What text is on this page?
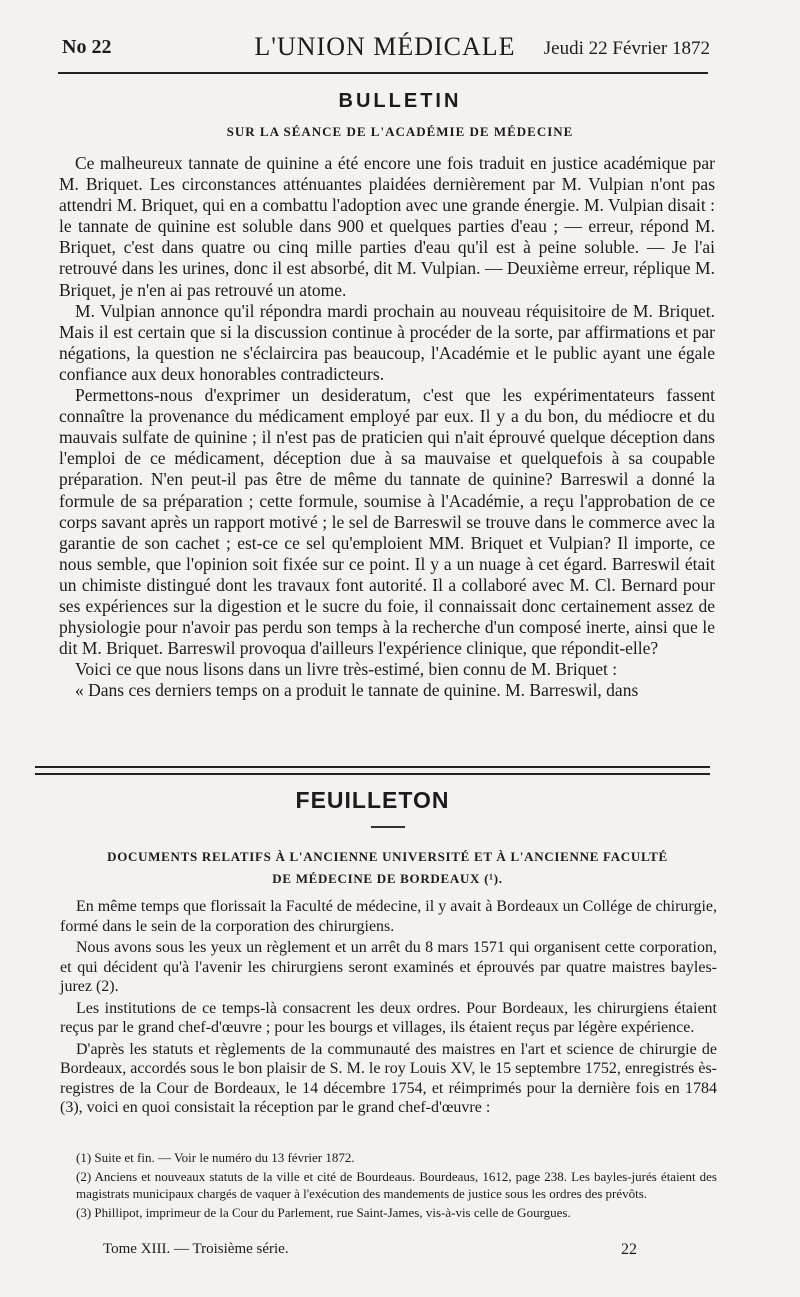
No 22	L'UNION MÉDICALE	Jeudi 22 Février 1872
BULLETIN
SUR LA SÉANCE DE L'ACADÉMIE DE MÉDECINE

Ce malheureux tannate de quinine a été encore une fois traduit en justice académique par M. Briquet. Les circonstances atténuantes plaidées dernièrement par M. Vulpian n'ont pas attendri M. Briquet, qui en a combattu l'adoption avec une grande énergie. M. Vulpian disait : le tannate de quinine est soluble dans 900 et quelques parties d'eau ; — erreur, répond M. Briquet, c'est dans quatre ou cinq mille parties d'eau qu'il est à peine soluble. — Je l'ai retrouvé dans les urines, donc il est absorbé, dit M. Vulpian. — Deuxième erreur, réplique M. Briquet, je n'en ai pas retrouvé un atome.

M. Vulpian annonce qu'il répondra mardi prochain au nouveau réquisitoire de M. Briquet. Mais il est certain que si la discussion continue à procéder de la sorte, par affirmations et par négations, la question ne s'éclaircira pas beaucoup, l'Académie et le public ayant une égale confiance aux deux honorables contradicteurs.

Permettons-nous d'exprimer un desideratum, c'est que les expérimentateurs fassent connaître la provenance du médicament employé par eux. Il y a du bon, du médiocre et du mauvais sulfate de quinine ; il n'est pas de praticien qui n'ait éprouvé quelque déception dans l'emploi de ce médicament, déception due à sa mauvaise et quelquefois à sa coupable préparation. N'en peut-il pas être de même du tannate de quinine? Barreswil a donné la formule de sa préparation ; cette formule, soumise à l'Académie, a reçu l'approbation de ce corps savant après un rapport motivé ; le sel de Barreswil se trouve dans le commerce avec la garantie de son cachet ; est-ce ce sel qu'emploient MM. Briquet et Vulpian? Il importe, ce nous semble, que l'opinion soit fixée sur ce point. Il y a un nuage à cet égard. Barreswil était un chimiste distingué dont les travaux font autorité. Il a collaboré avec M. Cl. Bernard pour ses expériences sur la digestion et le sucre du foie, il connaissait donc certainement assez de physiologie pour n'avoir pas perdu son temps à la recherche d'un composé inerte, ainsi que le dit M. Briquet. Barreswil provoqua d'ailleurs l'expérience clinique, que répondit-elle?

Voici ce que nous lisons dans un livre très-estimé, bien connu de M. Briquet :

« Dans ces derniers temps on a produit le tannate de quinine. M. Barreswil, dans

FEUILLETON
DOCUMENTS RELATIFS À L'ANCIENNE UNIVERSITÉ ET À L'ANCIENNE FACULTÉ
DE MÉDECINE DE BORDEAUX (¹).

En même temps que florissait la Faculté de médecine, il y avait à Bordeaux un Collége de chirurgie, formé dans le sein de la corporation des chirurgiens.

Nous avons sous les yeux un règlement et un arrêt du 8 mars 1571 qui organisent cette corporation, et qui décident qu'à l'avenir les chirurgiens seront examinés et éprouvés par quatre maistres bayles-jurez (2).

Les institutions de ce temps-là consacrent les deux ordres. Pour Bordeaux, les chirurgiens étaient reçus par le grand chef-d'œuvre ; pour les bourgs et villages, ils étaient reçus par légère expérience.

D'après les statuts et règlements de la communauté des maistres en l'art et science de chirurgie de Bordeaux, accordés sous le bon plaisir de S. M. le roy Louis XV, le 15 septembre 1752, enregistrés ès-registres de la Cour de Bordeaux, le 14 décembre 1754, et réimprimés pour la dernière fois en 1784 (3), voici en quoi consistait la réception par le grand chef-d'œuvre :

(1) Suite et fin. — Voir le numéro du 13 février 1872.

(2) Anciens et nouveaux statuts de la ville et cité de Bourdeaus. Bourdeaus, 1612, page 238. Les bayles-jurés étaient des magistrats municipaux chargés de vaquer à l'exécution des mandements de justice sous les ordres des prévôts.

(3) Phillipot, imprimeur de la Cour du Parlement, rue Saint-James, vis-à-vis celle de Gourgues.

Tome XIII. — Troisième série.	22
